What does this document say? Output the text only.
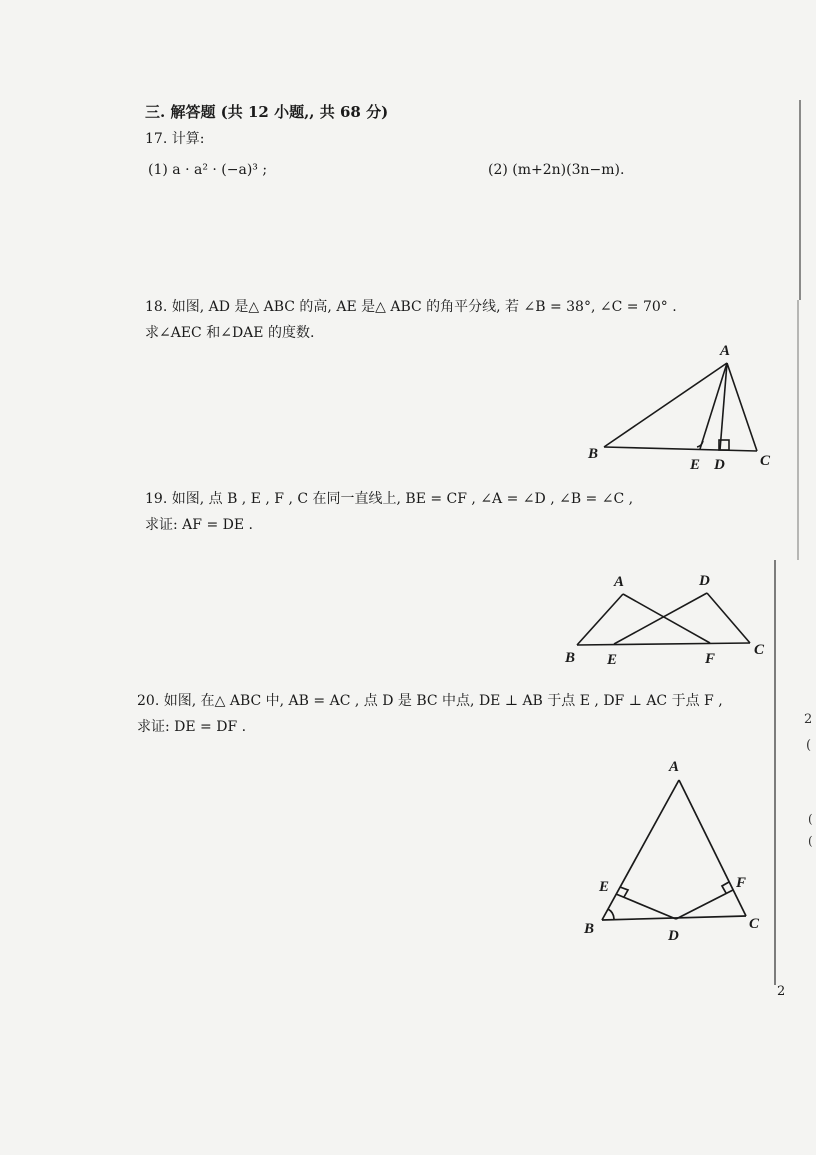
三. 解答题 (共 12 小题,, 共 68 分)
17. 计算:
(1) a · a² · (−a)³ ;	(2) (m+2n)(3n−m).
18. 如图, AD 是△ ABC 的高, AE 是△ ABC 的角平分线, 若 ∠B = 38°, ∠C = 70° .
求∠AEC 和∠DAE 的度数.
A
B
E D C
19. 如图, 点 B , E , F , C 在同一直线上, BE = CF , ∠A = ∠D , ∠B = ∠C ,
求证: AF = DE .
A	D
B E	F
C
20. 如图, 在△ ABC 中, AB = AC , 点 D 是 BC 中点, DE ⊥ AB 于点 E , DF ⊥ AC 于点 F ,
求证: DE = DF .
A
E	F
B	D
C
2
2
(
(
(
